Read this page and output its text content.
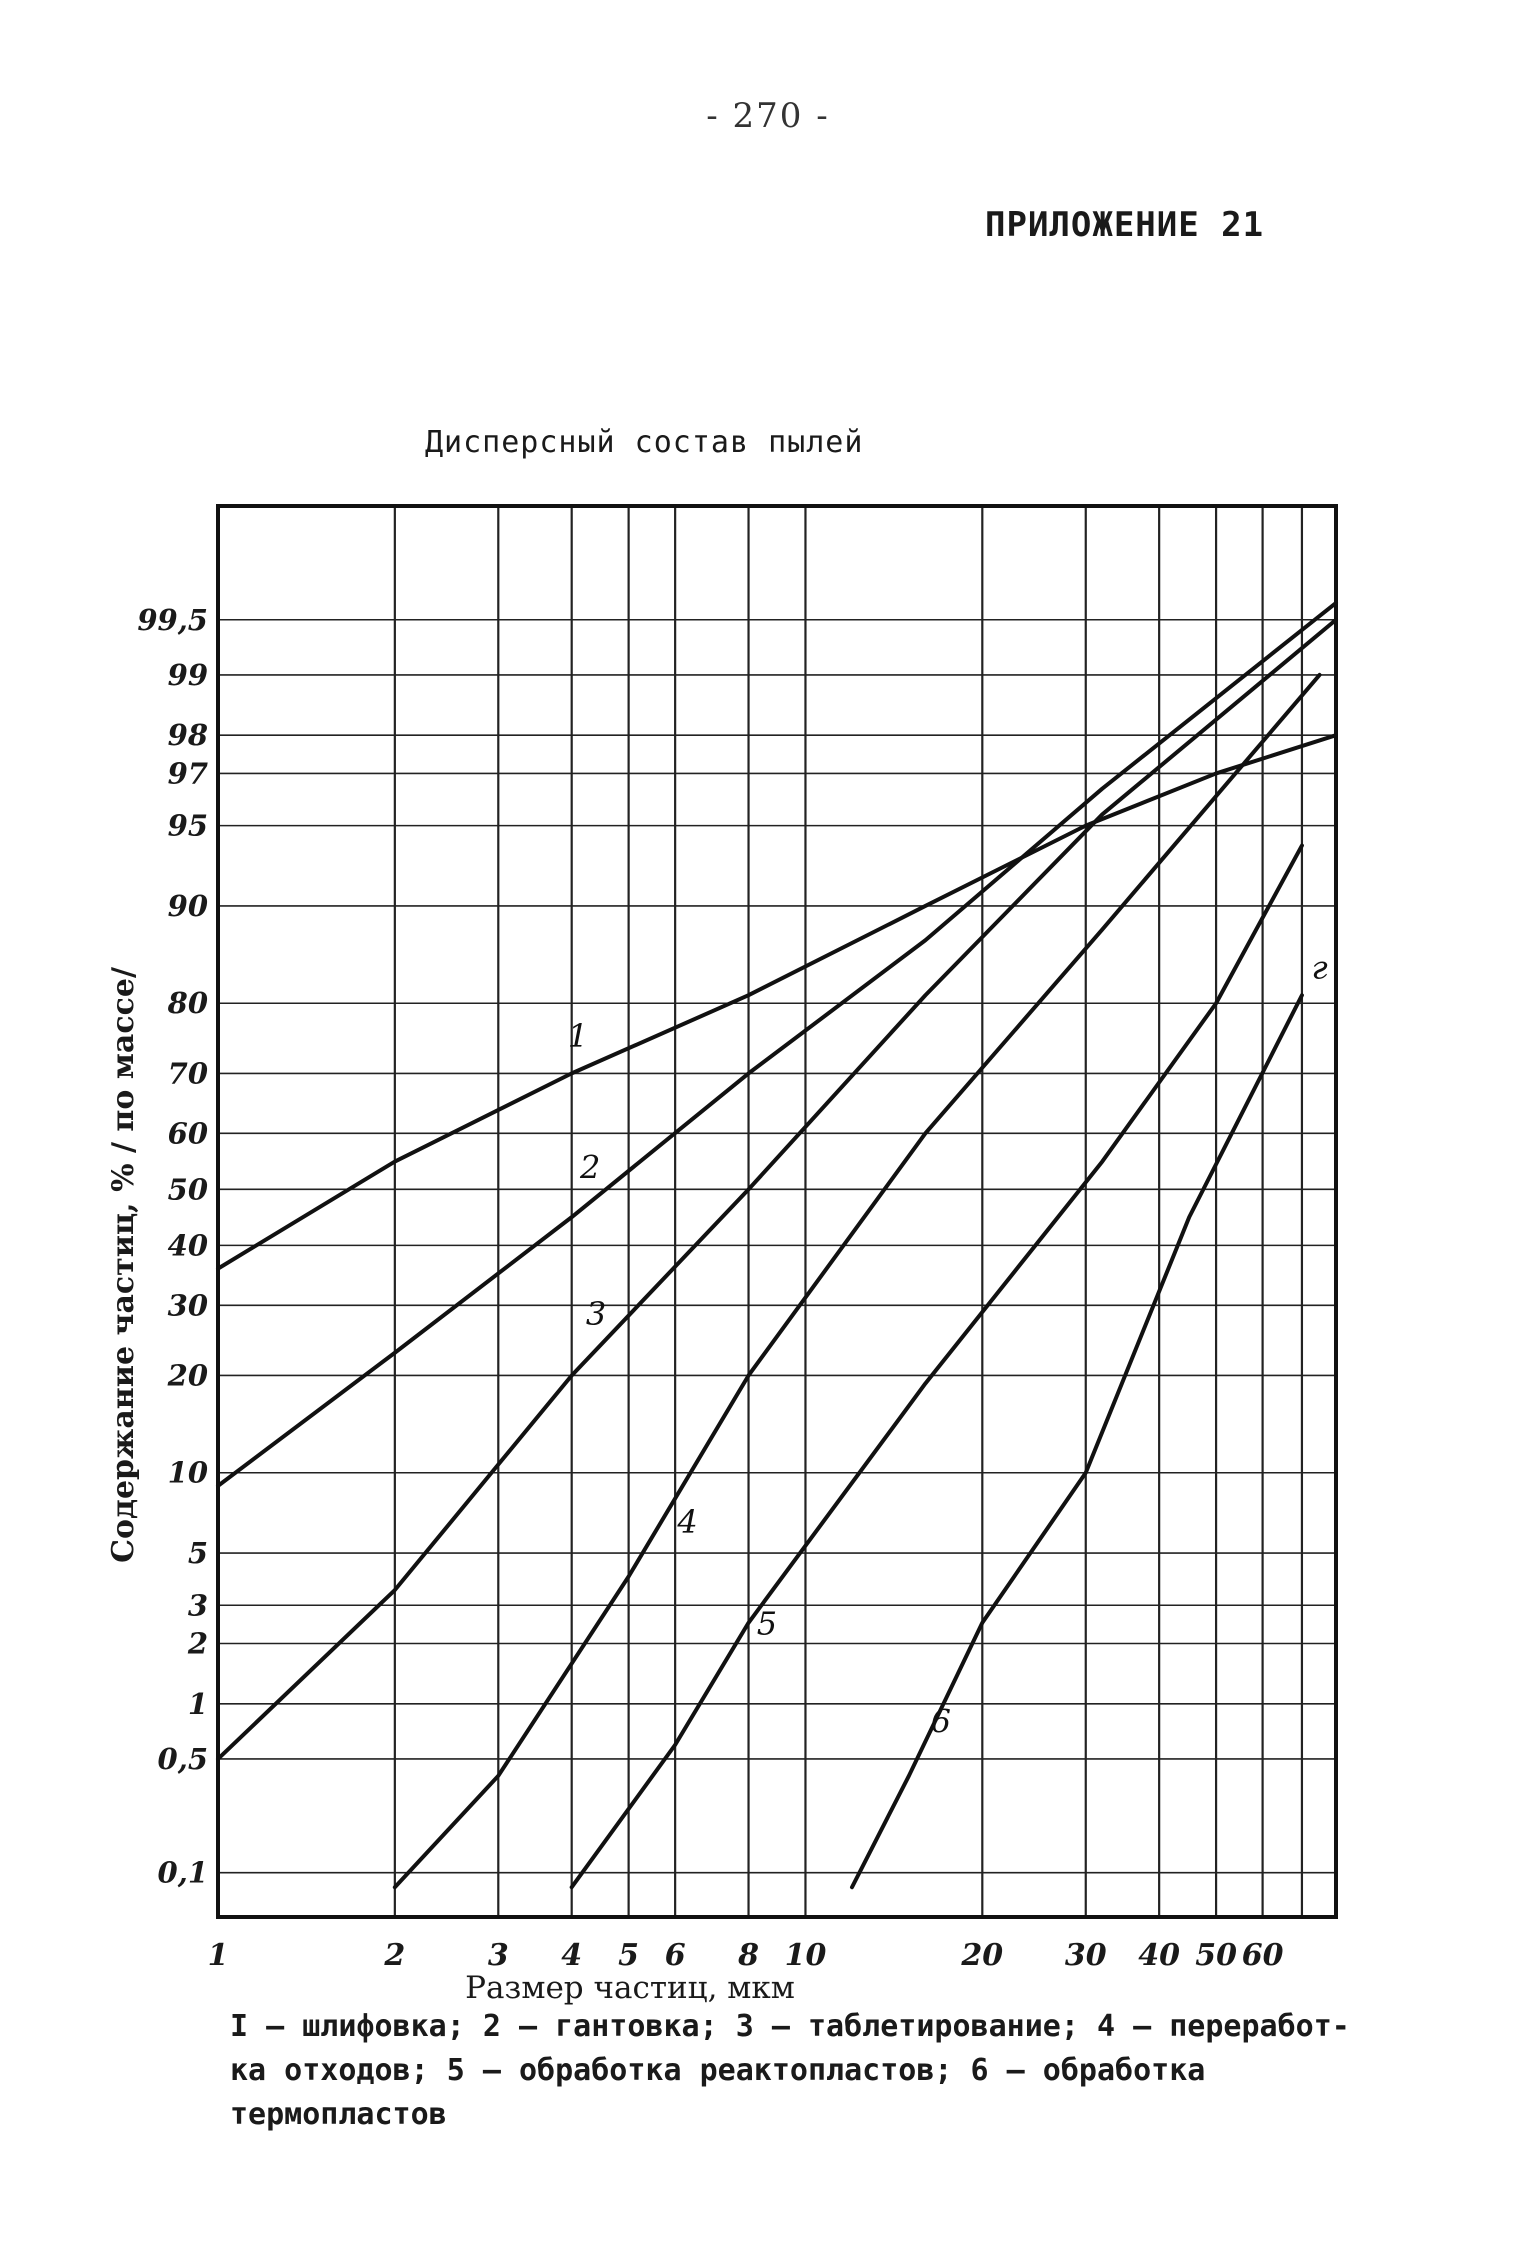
- 270 -
ПРИЛОЖЕНИЕ 21
Дисперсный состав пылей
1
2
3
4
5
6
г
1	2	3 4 5 6 8 10	20 30 40 50 60
0,1
0,5
1
2
3
5
10
20
30
40
50
60
70
80
90
95
97
98
99
99,5
Размер частиц, мкм
Содержание частиц, % / по массе/
I – шлифовка; 2 – гантовка; 3 – таблетирование; 4 – переработ-
ка отходов; 5 – обработка реактопластов; 6 – обработка
термопластов
